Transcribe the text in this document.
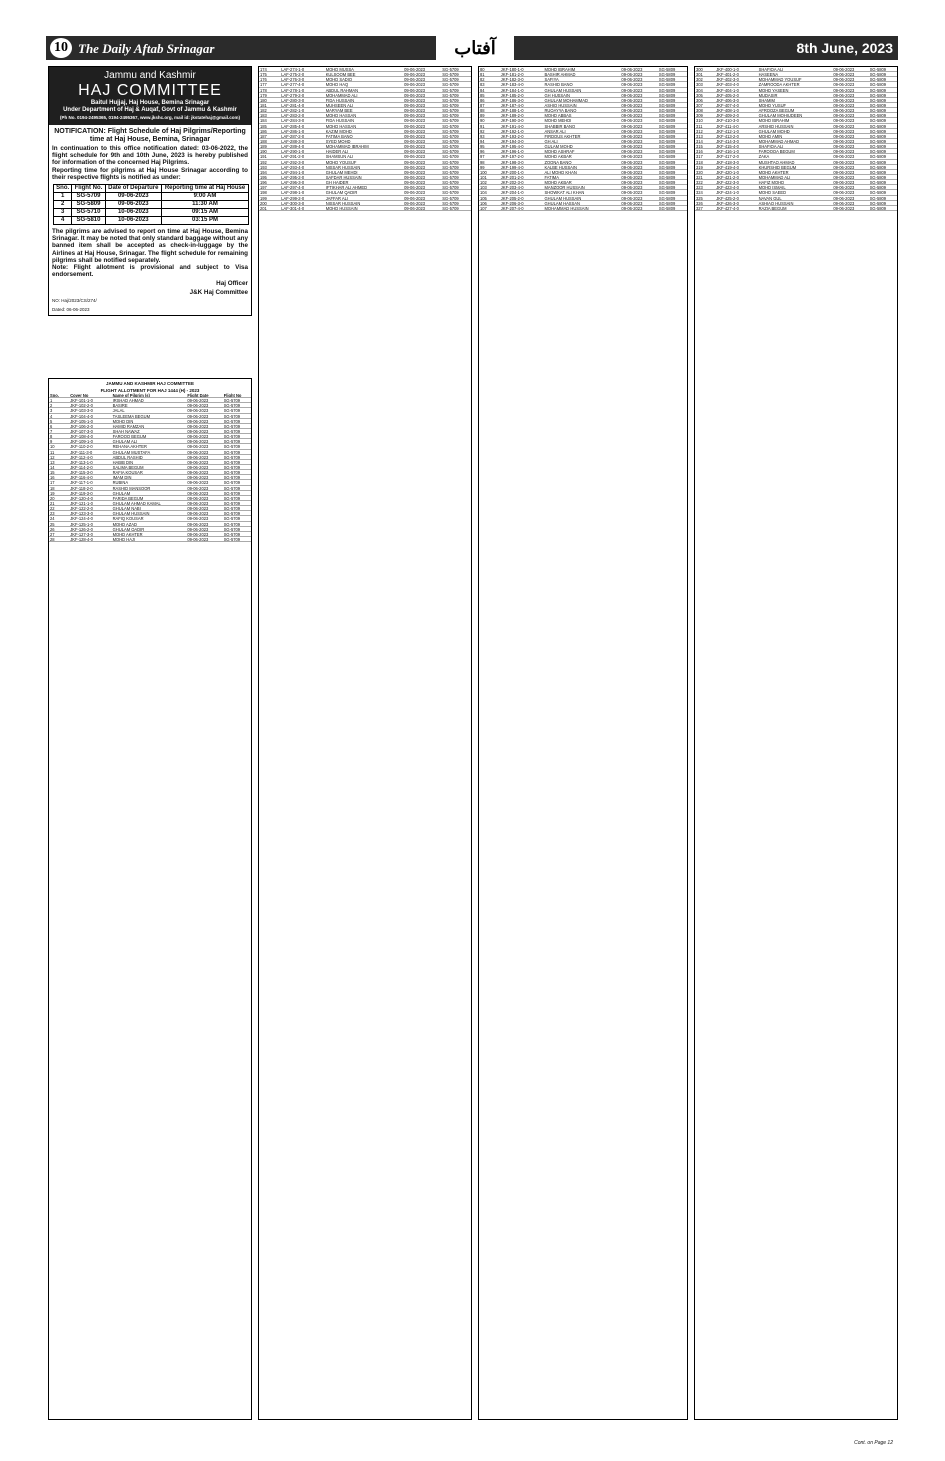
10 The Daily Aftab Srinagar	آفتاب	8th June, 2023
Jammu and Kashmir
HAJ COMMITTEE
Baitul Hujjaj, Haj House, Bemina Srinagar
Under Department of Haj & Auqaf, Govt of Jammu & Kashmir
(Ph No. 0194-2495365, 0194-2495367, www.jkshc.org, mail id: jkstatehaj@gmail.com)
NOTIFICATION: Flight Schedule of Haj Pilgrims/Reporting time at Haj House, Bemina, Srinagar

In continuation to this office notification dated: 03-06-2022, the flight schedule for 9th and 10th June, 2023 is hereby published for information of the concerned Haj Pilgrims.

Reporting time for pilgrims at Haj House Srinagar according to their respective flights is notified as under:

Sno.	Flight No.	Date of Departure	Reporting time at Haj House
1	SG-5709	09-06-2023	9:00 AM
2	SG-5809	09-06-2023	11:30 AM
3	SG-5710	10-06-2023	09:15 AM
4	SG-5810	10-06-2023	03:15 PM

The pilgrims are advised to report on time at Haj House, Bemina Srinagar. It may be noted that only standard baggage without any banned item shall be accepted as check-in-luggage by the Airlines at Haj House, Srinagar. The flight schedule for remaining pilgrims shall be notified separately.

Note: Flight allotment is provisional and subject to Visa endorsement.

Haj Officer
J&K Haj Committee
NO: Haj/2023/CS/274/
Dated: 06-06-2023
JAMMU AND KASHMIR HAJ COMMITTEE
FLIGHT ALLOTMENT FOR HAJ 1444 (H) - 2023
Sno.	Cover No	Name of Pilgrim (s)	Flight Date	Flight No
1	JKF-101-1-0	IRSHAD AHMAD	09-06-2023	SG-5709
2	JKF-102-2-0	BASIRE	09-06-2023	SG-5709
3	JKF-103-3-0	JALAL	09-06-2023	SG-5709
4	JKF-104-4-0	TASLEEMA BEGUM	09-06-2023	SG-5709
5	JKF-105-1-0	MOHD DIN	09-06-2023	SG-5709
6	JKF-106-2-0	HAMID RAMZAN	09-06-2023	SG-5709
7	JKF-107-3-0	SHAH NAWAZ	09-06-2023	SG-5709
8	JKF-108-4-0	FAROOQ BEGUM	09-06-2023	SG-5709
9	JKF-109-1-0	GHULAM ALI	09-06-2023	SG-5709
10	JKF-110-2-0	REHANA AKHTER	09-06-2023	SG-5709
11	JKF-111-3-0	GHULAM MUSTAFA	09-06-2023	SG-5709
12	JKF-112-4-0	ABDUL RASHID	09-06-2023	SG-5709
13	JKF-113-1-0	HABIB DIN	09-06-2023	SG-5709
14	JKF-114-2-0	SALIMA BEGUM	09-06-2023	SG-5709
15	JKF-115-3-0	RAFIA KOUSAR	09-06-2023	SG-5709
16	JKF-116-4-0	IMAM DIN	09-06-2023	SG-5709
17	JKF-117-1-0	RUBINA	09-06-2023	SG-5709
18	JKF-118-2-0	RASHID MANSOOR	09-06-2023	SG-5709
19	JKF-119-3-0	GHULAM	09-06-2023	SG-5709
20	JKF-120-4-0	FARIDA BEGUM	09-06-2023	SG-5709
21	JKF-121-1-0	GHULAM AHMAD KAMAL	09-06-2023	SG-5709
22	JKF-122-2-0	GHULAM NABI	09-06-2023	SG-5709
23	JKF-123-3-0	GHULAM HUSSAIN	09-06-2023	SG-5709
24	JKF-124-4-0	RAFIQ KOUSAR	09-06-2023	SG-5709
25	JKF-125-1-0	MOHD AZAD	09-06-2023	SG-5709
26	JKF-126-2-0	GHULAM QADIR	09-06-2023	SG-5709
27	JKF-127-3-0	MOHD AKHTER	09-06-2023	SG-5709
28	JKF-128-4-0	MOHD HAJI	09-06-2023	SG-5709
174	LAF-274-1-0	MOHD MUSSA	09-06-2023	SG-5709
175	LAF-275-2-0	KULSOOM BEE	09-06-2023	SG-5709
176	LAF-276-3-0	MOHD SADIQ	09-06-2023	SG-5709
177	LAF-277-4-0	MOHD HAQ	09-06-2023	SG-5709
178	LAF-278-1-0	ABDUL RAHMAN	09-06-2023	SG-5709
179	LAF-279-2-0	MOHAMMAD ALI	09-06-2023	SG-5709
180	LAF-280-3-0	FIDA HUSSAIN	09-06-2023	SG-5709
181	LAF-281-4-0	MUHSEEN ALI	09-06-2023	SG-5709
182	LAF-282-1-0	MARYAM BEE	09-06-2023	SG-5709
183	LAF-283-2-0	MOHD HASSAN	09-06-2023	SG-5709
184	LAF-284-3-0	FIDA HUSSAIN	09-06-2023	SG-5709
185	LAF-285-4-0	MOHD HASSAN	09-06-2023	SG-5709
186	LAF-286-1-0	KAZIM MOHD	09-06-2023	SG-5709
187	LAF-287-2-0	FATIMA BANO	09-06-2023	SG-5709
188	LAF-288-3-0	SYED MOHD	09-06-2023	SG-5709
189	LAF-289-4-0	MOHAMMAD IBRAHIM	09-06-2023	SG-5709
190	LAF-290-1-0	HAIDER ALI	09-06-2023	SG-5709
191	LAF-291-2-0	SHAMSUN ALI	09-06-2023	SG-5709
192	LAF-292-3-0	MOHD YOUSUF	09-06-2023	SG-5709
193	LAF-293-4-0	NISSAR HUSSAIN	09-06-2023	SG-5709
194	LAF-294-1-0	GHULAM MEHDI	09-06-2023	SG-5709
195	LAF-295-2-0	SAFDAR HUSSAIN	09-06-2023	SG-5709
196	LAF-296-3-0	GH HAIDER	09-06-2023	SG-5709
197	LAF-297-4-0	IFTIKHAR ALI AHMED	09-06-2023	SG-5709
198	LAF-298-1-0	GHULAM QADIR	09-06-2023	SG-5709
199	LAF-299-2-0	JAFFAR ALI	09-06-2023	SG-5709
200	LAF-300-3-0	NISSAR HUSSAIN	09-06-2023	SG-5709
201	LAF-301-4-0	MOHD HUSSAIN	09-06-2023	SG-5709
80	JKF-180-1-0	MOHD IBRAHIM	09-06-2023	SG-5809
81	JKF-181-2-0	BASHIR AHMAD	09-06-2023	SG-5809
82	JKF-182-3-0	SAFIYA	09-06-2023	SG-5809
83	JKF-183-4-0	RASHID BANO	09-06-2023	SG-5809
84	JKF-184-1-0	GHULAM HUSSAIN	09-06-2023	SG-5809
85	JKF-185-2-0	GH HUSSAIN	09-06-2023	SG-5809
86	JKF-186-3-0	GHULAM MOHAMMAD	09-06-2023	SG-5809
87	JKF-187-4-0	ASHIQ HUSSAIN	09-06-2023	SG-5809
88	JKF-188-1-0	RUQAYYA BANO	09-06-2023	SG-5809
89	JKF-189-2-0	MOHD ABBAS	09-06-2023	SG-5809
90	JKF-190-3-0	MOHD MEHDI	09-06-2023	SG-5809
91	JKF-191-4-0	SHABBIR BANO	09-06-2023	SG-5809
92	JKF-192-1-0	ANSAR ALI	09-06-2023	SG-5809
93	JKF-193-2-0	FIRDOUS AKHTER	09-06-2023	SG-5809
94	JKF-194-3-0	GH ALI	09-06-2023	SG-5809
95	JKF-195-4-0	GULAM MOHD	09-06-2023	SG-5809
96	JKF-196-1-0	MOHD ASHRAF	09-06-2023	SG-5809
97	JKF-197-2-0	MOHD AKBAR	09-06-2023	SG-5809
98	JKF-198-3-0	ZOONA BANO	09-06-2023	SG-5809
99	JKF-199-4-0	KALBE HUSSAIN	09-06-2023	SG-5809
100	JKF-200-1-0	ALI MOHD KHAN	09-06-2023	SG-5809
101	JKF-201-2-0	FATIMA	09-06-2023	SG-5809
102	JKF-202-3-0	MOHD AKBAR	09-06-2023	SG-5809
103	JKF-203-4-0	MANZOOR HUSSAIN	09-06-2023	SG-5809
104	JKF-204-1-0	SHOWKAT ALI KHAN	09-06-2023	SG-5809
105	JKF-205-2-0	GHULAM HUSSAIN	09-06-2023	SG-5809
106	JKF-206-3-0	GHULAM HASSAN	09-06-2023	SG-5809
107	JKF-207-4-0	MOHAMMAD HUSSAIN	09-06-2023	SG-5809
300	JKF-400-1-0	SHAFIQA ALI	09-06-2023	SG-5809
301	JKF-401-2-0	HASEENA	09-06-2023	SG-5809
302	JKF-402-3-0	MOHAMMAD YOUSUF	09-06-2023	SG-5809
303	JKF-403-4-0	ZAMROODA AKHTER	09-06-2023	SG-5809
304	JKF-404-1-0	MOHD YASEEN	09-06-2023	SG-5809
305	JKF-405-2-0	MUDASIR	09-06-2023	SG-5809
306	JKF-406-3-0	SHAMIM	09-06-2023	SG-5809
307	JKF-407-4-0	MOHD YUSUF	09-06-2023	SG-5809
308	JKF-408-1-0	AFROOZA BEGUM	09-06-2023	SG-5809
309	JKF-409-2-0	GHULAM MOHIUDEEN	09-06-2023	SG-5809
310	JKF-410-3-0	MOHD IBRAHIM	09-06-2023	SG-5809
311	JKF-411-4-0	ARSHID HUSSAIN	09-06-2023	SG-5809
312	JKF-412-1-0	GHULAM MOHD	09-06-2023	SG-5809
313	JKF-413-2-0	MOHD AMIN	09-06-2023	SG-5809
314	JKF-414-3-0	MOHAMMAD AHMAD	09-06-2023	SG-5809
315	JKF-415-4-0	SHAFIQA ALI	09-06-2023	SG-5809
316	JKF-416-1-0	FAROOQA BEGUM	09-06-2023	SG-5809
317	JKF-417-2-0	ZAKA	09-06-2023	SG-5809
318	JKF-418-3-0	MUSHTAQ AHMAD	09-06-2023	SG-5809
319	JKF-419-4-0	KHURSHID BEGUM	09-06-2023	SG-5809
320	JKF-420-1-0	MOHD AKHTER	09-06-2023	SG-5809
321	JKF-421-2-0	MOHAMMAD ALI	09-06-2023	SG-5809
322	JKF-422-3-0	HAFIZ MOHD	09-06-2023	SG-5809
323	JKF-423-4-0	MOHD ISMAIL	09-06-2023	SG-5809
324	JKF-424-1-0	MOHD SAEED	09-06-2023	SG-5809
325	JKF-425-2-0	NAVAN GUL	09-06-2023	SG-5809
326	JKF-426-3-0	ASHIAQ HUSSAIN	09-06-2023	SG-5809
327	JKF-427-4-0	RAZIA BEGUM	09-06-2023	SG-5809
Cont. on Page 12
